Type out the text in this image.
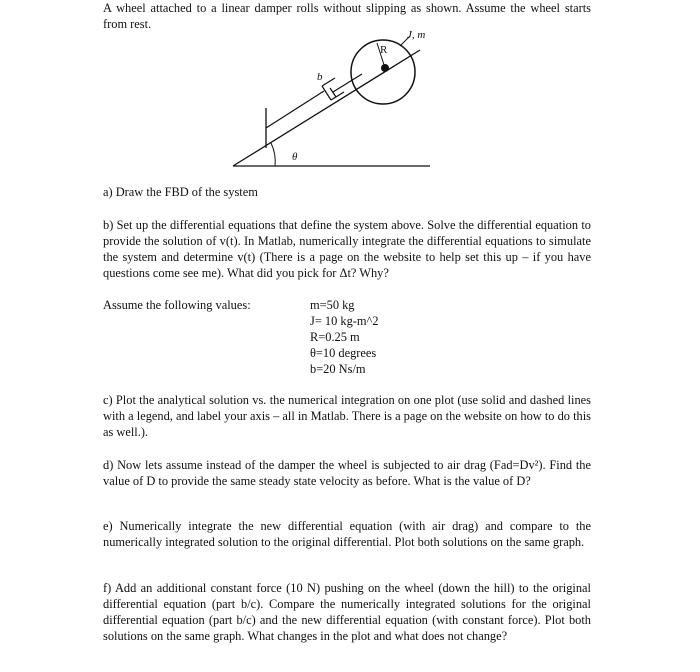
A wheel attached to a linear damper rolls without slipping as shown. Assume the wheel starts from rest.
R
J, m
b
θ
a) Draw the FBD of the system
b) Set up the differential equations that define the system above. Solve the differential equation to provide the solution of v(t). In Matlab, numerically integrate the differential equations to simulate the system and determine v(t) (There is a page on the website to help set this up – if you have questions come see me). What did you pick for Δt? Why?
Assume the following values:	m=50 kg
J= 10 kg-m^2
R=0.25 m
θ=10 degrees
b=20 Ns/m
c) Plot the analytical solution vs. the numerical integration on one plot (use solid and dashed lines with a legend, and label your axis – all in Matlab. There is a page on the website on how to do this as well.).
d) Now lets assume instead of the damper the wheel is subjected to air drag (Fad=Dv²). Find the value of D to provide the same steady state velocity as before. What is the value of D?
e) Numerically integrate the new differential equation (with air drag) and compare to the numerically integrated solution to the original differential. Plot both solutions on the same graph.
f) Add an additional constant force (10 N) pushing on the wheel (down the hill) to the original differential equation (part b/c). Compare the numerically integrated solutions for the original differential equation (part b/c) and the new differential equation (with constant force). Plot both solutions on the same graph. What changes in the plot and what does not change?
